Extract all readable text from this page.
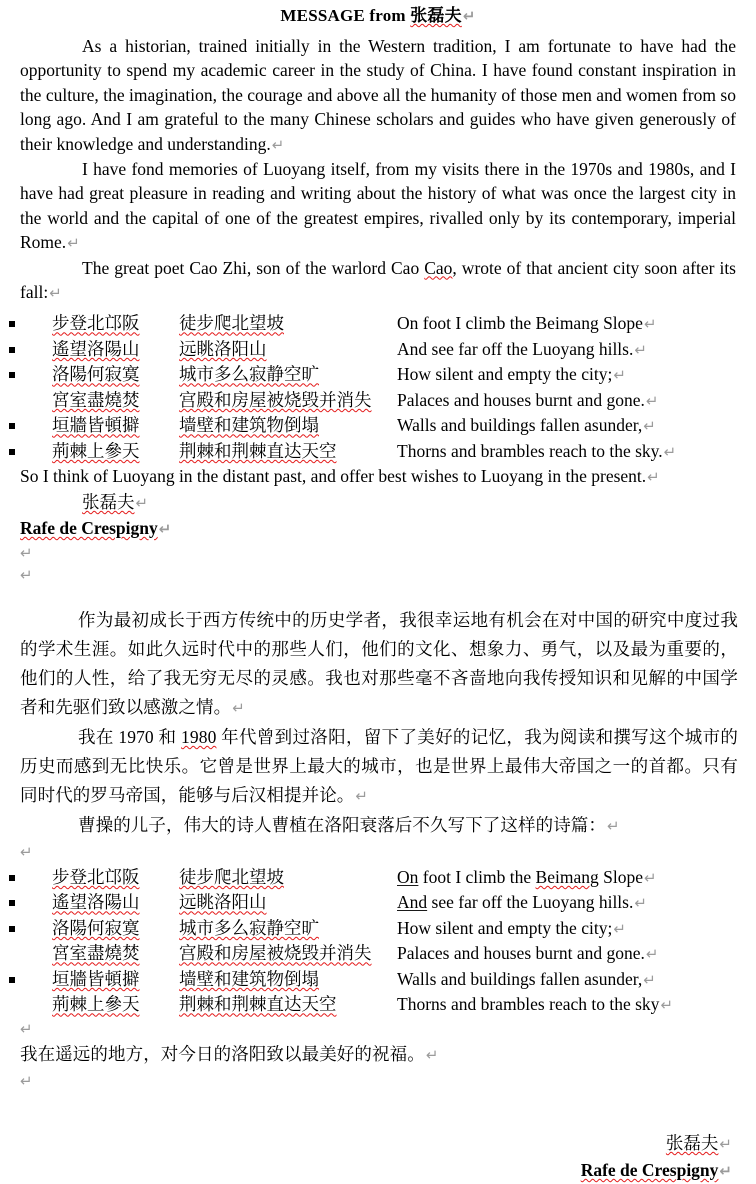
MESSAGE from 张磊夫↵

As a historian, trained initially in the Western tradition, I am fortunate to have had the opportunity to spend my academic career in the study of China. I have found constant inspiration in the culture, the imagination, the courage and above all the humanity of those men and women from so long ago. And I am grateful to the many Chinese scholars and guides who have given generously of their knowledge and understanding.↵

I have fond memories of Luoyang itself, from my visits there in the 1970s and 1980s, and I have had great pleasure in reading and writing about the history of what was once the largest city in the world and the capital of one of the greatest empires, rivalled only by its contemporary, imperial Rome.↵

The great poet Cao Zhi, son of the warlord Cao Cao, wrote of that ancient city soon after its fall:↵

步登北邙阪	徒步爬北望坡	On foot I climb the Beimang Slope↵
遙望洛陽山	远眺洛阳山	And see far off the Luoyang hills.↵
洛陽何寂寞	城市多么寂静空旷	How silent and empty the city;↵
宮室盡燒焚	宫殿和房屋被烧毁并消失	Palaces and houses burnt and gone.↵
垣牆皆頓擗	墙壁和建筑物倒塌	Walls and buildings fallen asunder,↵
荊棘上參天	荆棘和荆棘直达天空	Thorns and brambles reach to the sky.↵

So I think of Luoyang in the distant past, and offer best wishes to Luoyang in the present.↵

张磊夫↵
Rafe de Crespigny↵
↵
↵

作为最初成长于西方传统中的历史学者，我很幸运地有机会在对中国的研究中度过我的学术生涯。如此久远时代中的那些人们，他们的文化、想象力、勇气，以及最为重要的，他们的人性，给了我无穷无尽的灵感。我也对那些毫不吝啬地向我传授知识和见解的中国学者和先驱们致以感激之情。↵

我在 1970 和 1980 年代曾到过洛阳，留下了美好的记忆，我为阅读和撰写这个城市的历史而感到无比快乐。它曾是世界上最大的城市，也是世界上最伟大帝国之一的首都。只有同时代的罗马帝国，能够与后汉相提并论。↵

曹操的儿子，伟大的诗人曹植在洛阳衰落后不久写下了这样的诗篇：↵

↵
步登北邙阪	徒步爬北望坡	On foot I climb the Beimang Slope↵
遙望洛陽山	远眺洛阳山	And see far off the Luoyang hills.↵
洛陽何寂寞	城市多么寂静空旷	How silent and empty the city;↵
宮室盡燒焚	宫殿和房屋被烧毁并消失	Palaces and houses burnt and gone.↵
垣牆皆頓擗	墙壁和建筑物倒塌	Walls and buildings fallen asunder,↵
荊棘上參天	荆棘和荆棘直达天空	Thorns and brambles reach to the sky↵
↵

我在遥远的地方，对今日的洛阳致以最美好的祝福。↵

↵
张磊夫↵
Rafe de Crespigny↵
